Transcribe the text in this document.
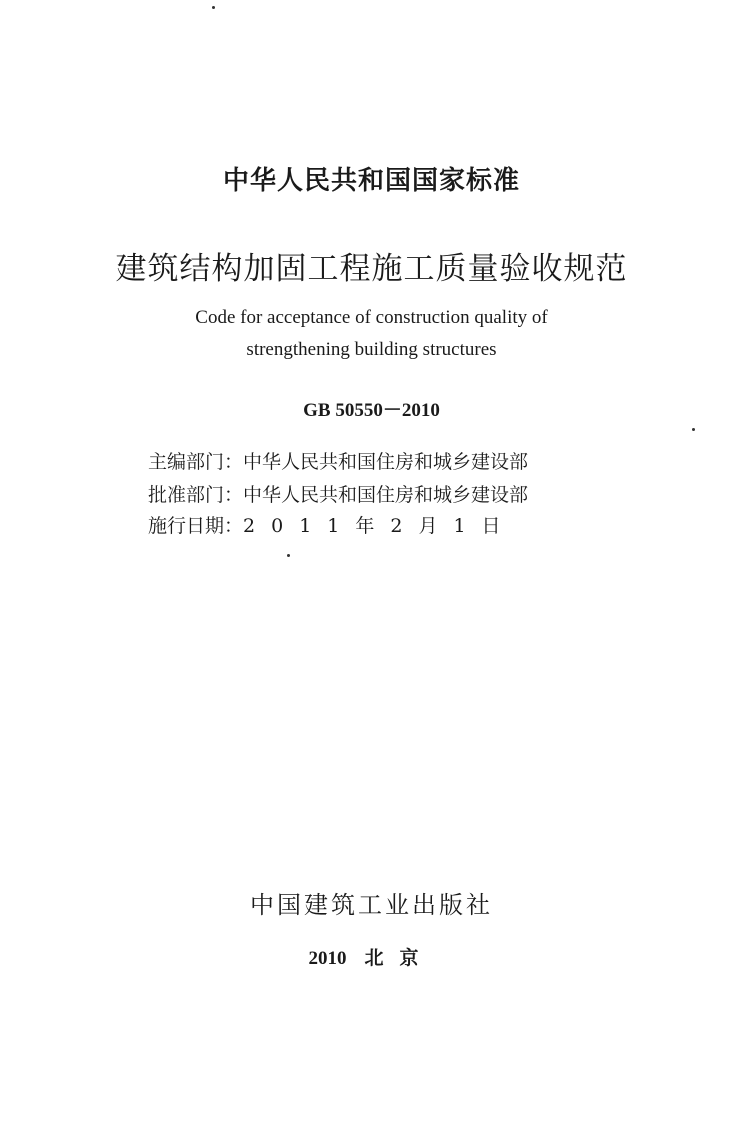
中华人民共和国国家标准
建筑结构加固工程施工质量验收规范
Code for acceptance of construction quality of
strengthening building structures
GB 50550－2010
主编部门：中华人民共和国住房和城乡建设部
批准部门：中华人民共和国住房和城乡建设部
施行日期：2011年2月1日
中国建筑工业出版社
2010 北京
